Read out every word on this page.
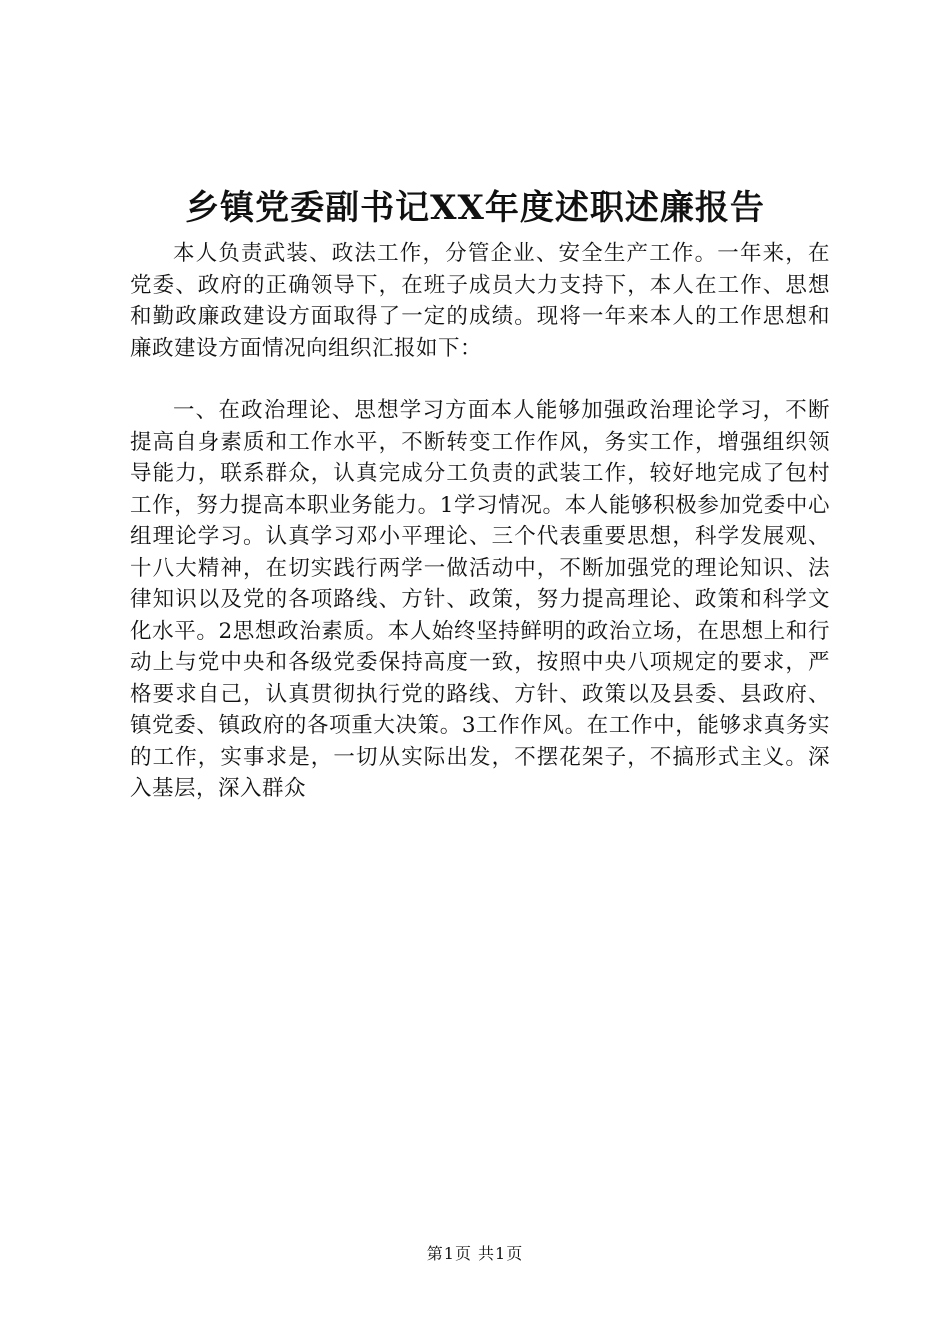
乡镇党委副书记XX年度述职述廉报告

本人负责武装、政法工作，分管企业、安全生产工作。一年来，在党委、政府的正确领导下，在班子成员大力支持下，本人在工作、思想和勤政廉政建设方面取得了一定的成绩。现将一年来本人的工作思想和廉政建设方面情况向组织汇报如下：

一、在政治理论、思想学习方面本人能够加强政治理论学习，不断提高自身素质和工作水平，不断转变工作作风，务实工作，增强组织领导能力，联系群众，认真完成分工负责的武装工作，较好地完成了包村工作，努力提高本职业务能力。1学习情况。本人能够积极参加党委中心组理论学习。认真学习邓小平理论、三个代表重要思想，科学发展观、十八大精神，在切实践行两学一做活动中，不断加强党的理论知识、法律知识以及党的各项路线、方针、政策，努力提高理论、政策和科学文化水平。2思想政治素质。本人始终坚持鲜明的政治立场，在思想上和行动上与党中央和各级党委保持高度一致，按照中央八项规定的要求，严格要求自己，认真贯彻执行党的路线、方针、政策以及县委、县政府、镇党委、镇政府的各项重大决策。3工作作风。在工作中，能够求真务实的工作，实事求是，一切从实际出发，不摆花架子，不搞形式主义。深入基层，深入群众

第1页 共1页
